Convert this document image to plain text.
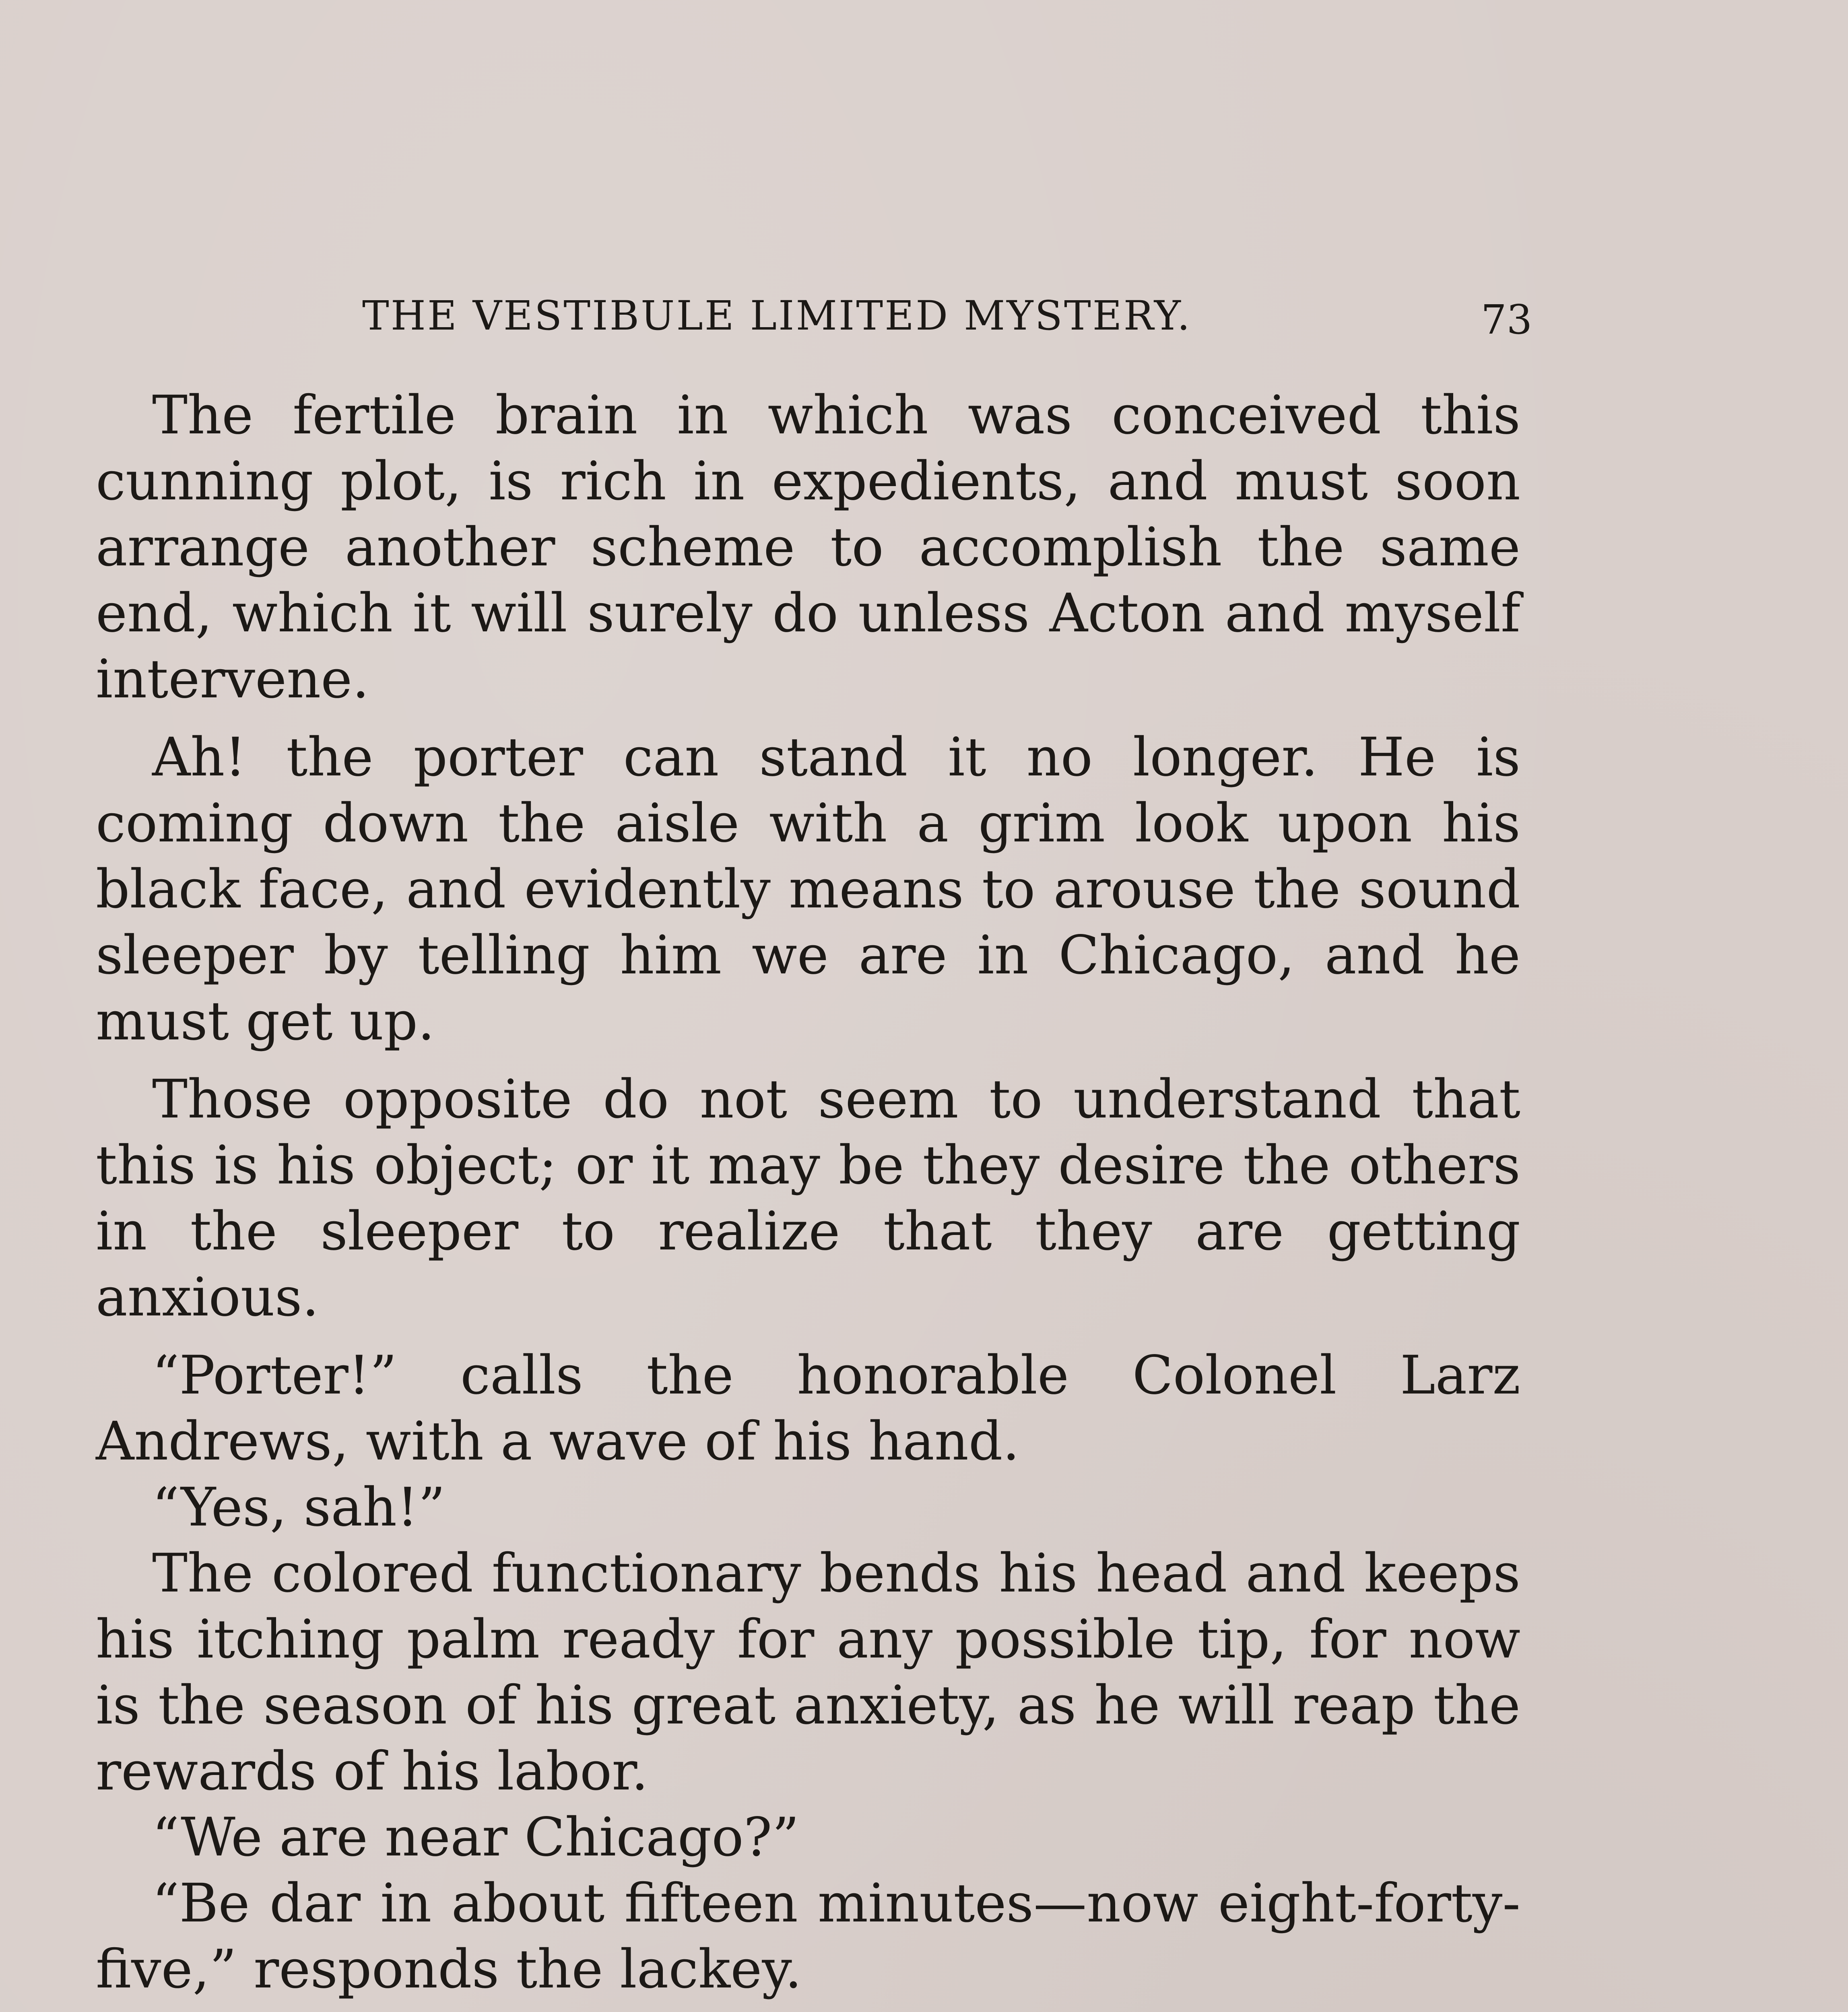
THE VESTIBULE LIMITED MYSTERY.	73

The fertile brain in which was conceived this cunning plot, is rich in expedients, and must soon arrange another scheme to accomplish the same end, which it will surely do unless Acton and myself intervene.

Ah! the porter can stand it no longer. He is coming down the aisle with a grim look upon his black face, and evidently means to arouse the sound sleeper by telling him we are in Chicago, and he must get up.

Those opposite do not seem to understand that this is his object; or it may be they desire the others in the sleeper to realize that they are getting anxious.

“Porter!” calls the honorable Colonel Larz Andrews, with a wave of his hand.

“Yes, sah!”

The colored functionary bends his head and keeps his itching palm ready for any possible tip, for now is the season of his great anxiety, as he will reap the rewards of his labor.

“We are near Chicago?”

“Be dar in about fifteen minutes—now eight-forty-five,” responds the lackey.
